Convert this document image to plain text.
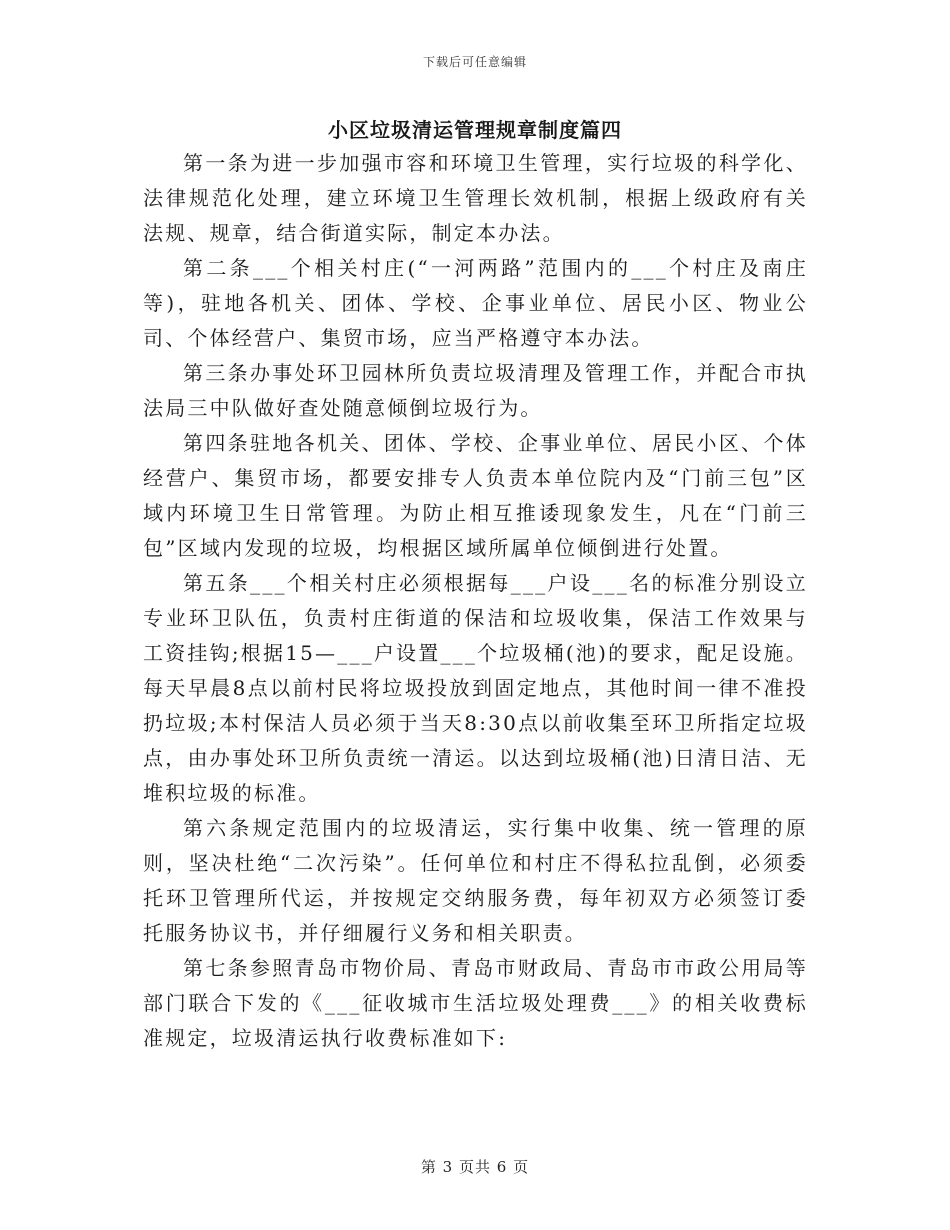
下载后可任意编辑
小区垃圾清运管理规章制度篇四

第一条为进一步加强市容和环境卫生管理，实行垃圾的科学化、法律规范化处理，建立环境卫生管理长效机制，根据上级政府有关法规、规章，结合街道实际，制定本办法。

第二条___个相关村庄(“一河两路”范围内的___个村庄及南庄等)，驻地各机关、团体、学校、企事业单位、居民小区、物业公司、个体经营户、集贸市场，应当严格遵守本办法。

第三条办事处环卫园林所负责垃圾清理及管理工作，并配合市执法局三中队做好查处随意倾倒垃圾行为。

第四条驻地各机关、团体、学校、企事业单位、居民小区、个体经营户、集贸市场，都要安排专人负责本单位院内及“门前三包”区域内环境卫生日常管理。为防止相互推诿现象发生，凡在“门前三包”区域内发现的垃圾，均根据区域所属单位倾倒进行处置。

第五条___个相关村庄必须根据每___户设___名的标准分别设立专业环卫队伍，负责村庄街道的保洁和垃圾收集，保洁工作效果与工资挂钩;根据15—___户设置___个垃圾桶(池)的要求，配足设施。每天早晨8点以前村民将垃圾投放到固定地点，其他时间一律不准投扔垃圾;本村保洁人员必须于当天8:30点以前收集至环卫所指定垃圾点，由办事处环卫所负责统一清运。以达到垃圾桶(池)日清日洁、无堆积垃圾的标准。

第六条规定范围内的垃圾清运，实行集中收集、统一管理的原则，坚决杜绝“二次污染”。任何单位和村庄不得私拉乱倒，必须委托环卫管理所代运，并按规定交纳服务费，每年初双方必须签订委托服务协议书，并仔细履行义务和相关职责。

第七条参照青岛市物价局、青岛市财政局、青岛市市政公用局等部门联合下发的《___征收城市生活垃圾处理费___》的相关收费标准规定，垃圾清运执行收费标准如下:

第 3 页共 6 页
